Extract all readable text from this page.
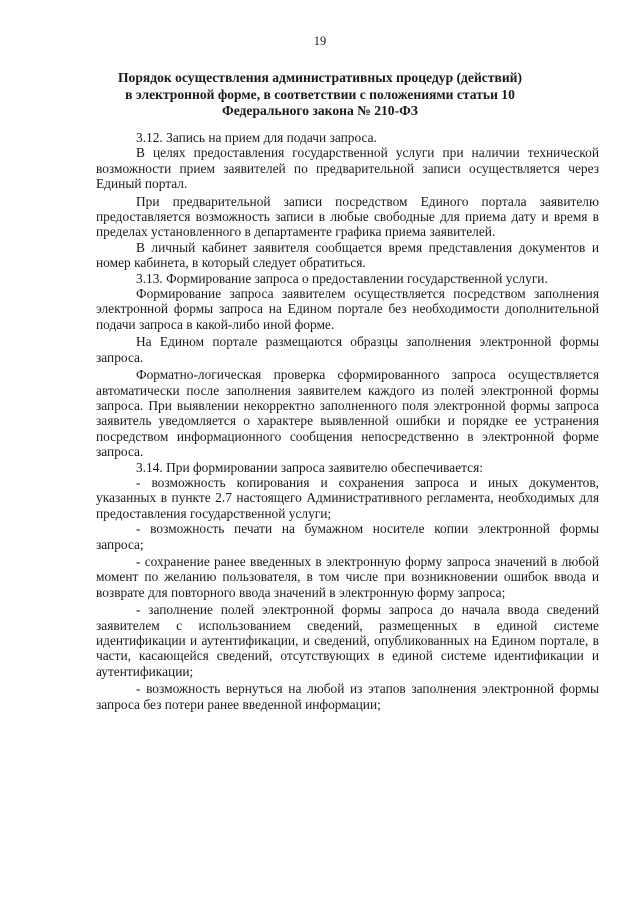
19
Порядок осуществления административных процедур (действий)
в электронной форме, в соответствии с положениями статьи 10
Федерального закона № 210-ФЗ

3.12. Запись на прием для подачи запроса.

В целях предоставления государственной услуги при наличии технической возможности прием заявителей по предварительной записи осуществляется через Единый портал.

При предварительной записи посредством Единого портала заявителю предоставляется возможность записи в любые свободные для приема дату и время в пределах установленного в департаменте графика приема заявителей.

В личный кабинет заявителя сообщается время представления документов и номер кабинета, в который следует обратиться.

3.13. Формирование запроса о предоставлении государственной услуги.

Формирование запроса заявителем осуществляется посредством заполнения электронной формы запроса на Едином портале без необходимости дополнительной подачи запроса в какой-либо иной форме.

На Едином портале размещаются образцы заполнения электронной формы запроса.

Форматно-логическая проверка сформированного запроса осуществляется автоматически после заполнения заявителем каждого из полей электронной формы запроса. При выявлении некорректно заполненного поля электронной формы запроса заявитель уведомляется о характере выявленной ошибки и порядке ее устранения посредством информационного сообщения непосредственно в электронной форме запроса.

3.14. При формировании запроса заявителю обеспечивается:

- возможность копирования и сохранения запроса и иных документов, указанных в пункте 2.7 настоящего Административного регламента, необходимых для предоставления государственной услуги;

- возможность печати на бумажном носителе копии электронной формы запроса;

- сохранение ранее введенных в электронную форму запроса значений в любой момент по желанию пользователя, в том числе при возникновении ошибок ввода и возврате для повторного ввода значений в электронную форму запроса;

- заполнение полей электронной формы запроса до начала ввода сведений заявителем с использованием сведений, размещенных в единой системе идентификации и аутентификации, и сведений, опубликованных на Едином портале, в части, касающейся сведений, отсутствующих в единой системе идентификации и аутентификации;

- возможность вернуться на любой из этапов заполнения электронной формы запроса без потери ранее введенной информации;
